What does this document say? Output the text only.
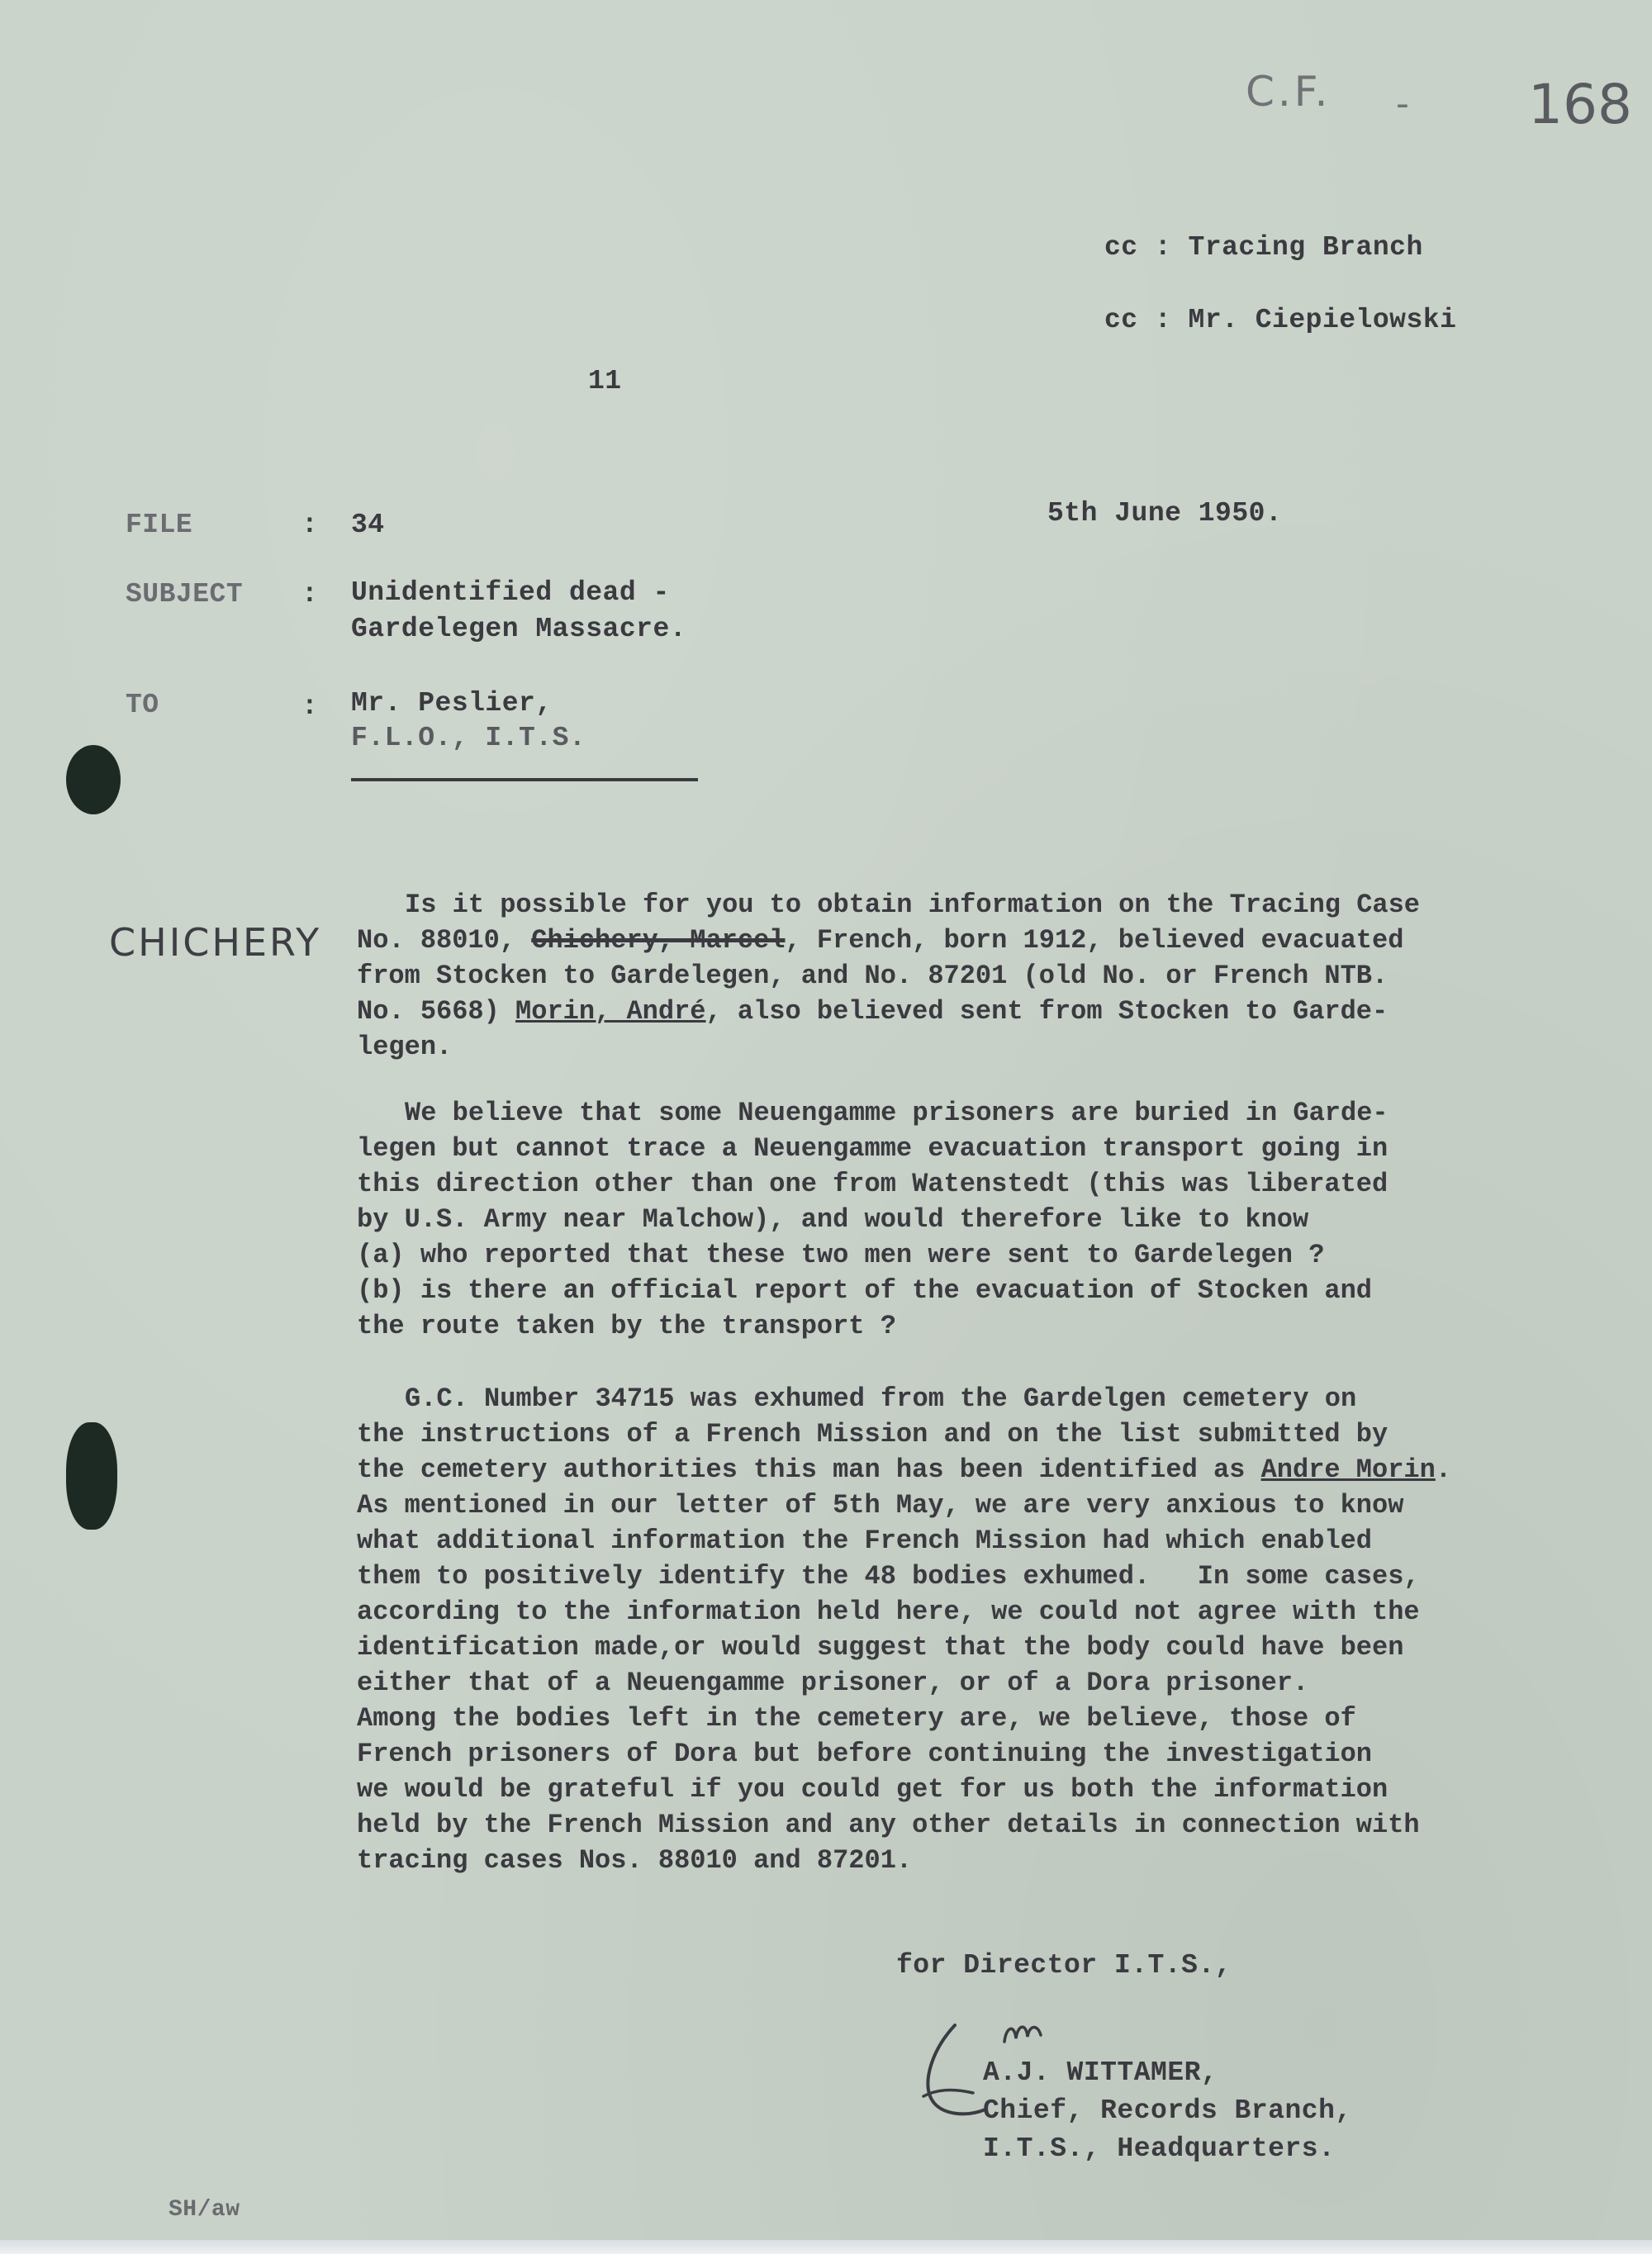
C.F. - 168
cc : Tracing Branch
cc : Mr. Ciepielowski
11
FILE	: 34	5th June 1950.
SUBJECT : Unidentified dead -
Gardelegen Massacre.
TO	: Mr. Peslier,
F.L.O., I.T.S.
CHICHERY
Is it possible for you to obtain information on the Tracing Case
No. 88010, Chichery, Marcel, French, born 1912, believed evacuated
from Stocken to Gardelegen, and No. 87201 (old No. or French NTB.
No. 5668) Morin, André, also believed sent from Stocken to Garde-
legen.
We believe that some Neuengamme prisoners are buried in Garde-
legen but cannot trace a Neuengamme evacuation transport going in
this direction other than one from Watenstedt (this was liberated
by U.S. Army near Malchow), and would therefore like to know
(a) who reported that these two men were sent to Gardelegen ?
(b) is there an official report of the evacuation of Stocken and
the route taken by the transport ?
G.C. Number 34715 was exhumed from the Gardelgen cemetery on
the instructions of a French Mission and on the list submitted by
the cemetery authorities this man has been identified as Andre Morin.
As mentioned in our letter of 5th May, we are very anxious to know
what additional information the French Mission had which enabled
them to positively identify the 48 bodies exhumed.   In some cases,
according to the information held here, we could not agree with the
identification made,or would suggest that the body could have been
either that of a Neuengamme prisoner, or of a Dora prisoner.
Among the bodies left in the cemetery are, we believe, those of
French prisoners of Dora but before continuing the investigation
we would be grateful if you could get for us both the information
held by the French Mission and any other details in connection with
tracing cases Nos. 88010 and 87201.
for Director I.T.S.,
A.J. WITTAMER,
Chief, Records Branch,
I.T.S., Headquarters.
SH/aw
